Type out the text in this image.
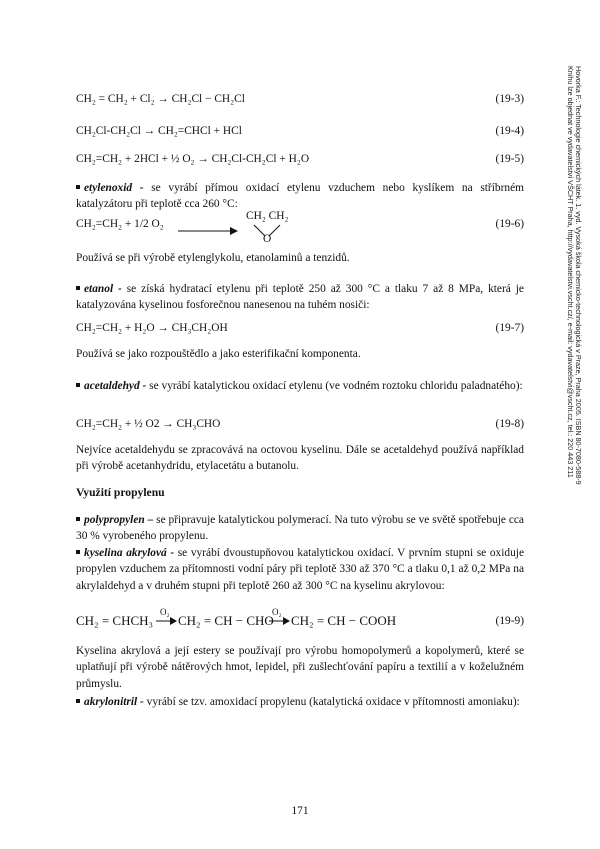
Hovorka F.: Technologie chemických látek. 1. vyd. Vysoká škola chemicko-technologická v Praze, Praha 2005. ISBN 80-7080-588-9
Knihu lze objednat ve vydavatelství VŠCHT Praha, http://vydavatelstvi.vscht.cz/, e-mail: vydavatelstvi@vscht.cz, tel.: 220 443 211
CH₂ = CH₂ + Cl₂ → CH₂Cl − CH₂Cl	(19-3)
CH₂Cl-CH₂Cl → CH₂=CHCl + HCl	(19-4)
CH₂=CH₂ + 2HCl + ½ O₂ → CH₂Cl-CH₂Cl + H₂O	(19-5)

etylenoxid - se vyrábí přímou oxidací etylenu vzduchem nebo kyslíkem na stříbrném katalyzátoru při teplotě cca 260 °C:

CH₂=CH₂ + 1/2 O₂
CH₂ CH₂
O
(19-6)

Používá se při výrobě etylenglykolu, etanolaminů a tenzidů.

etanol - se získá hydratací etylenu při teplotě 250 až 300 °C a tlaku 7 až 8 MPa, která je katalyzována kyselinou fosforečnou nanesenou na tuhém nosiči:

CH₂=CH₂ + H₂O → CH₃CH₂OH	(19-7)

Používá se jako rozpouštědlo a jako esterifikační komponenta.

acetaldehyd - se vyrábí katalytickou oxidací etylenu (ve vodném roztoku chloridu paladnatého):

CH₂=CH₂ + ½ O2 → CH₃CHO	(19-8)

Nejvíce acetaldehydu se zpracovává na octovou kyselinu. Dále se acetaldehyd používá například při výrobě acetanhydridu, etylacetátu a butanolu.

Využití propylenu

polypropylen – se připravuje katalytickou polymerací. Na tuto výrobu se ve světě spotřebuje cca 30 % vyrobeného propylenu.

kyselina akrylová - se vyrábí dvoustupňovou katalytickou oxidací. V prvním stupni se oxiduje propylen vzduchem za přítomnosti vodní páry při teplotě 330 až 370 °C a tlaku 0,1 až 0,2 MPa na akrylaldehyd a v druhém stupni při teplotě 260 až 300 °C na kyselinu akrylovou:

CH₂ = CHCH₃
O₂
→ CH₂ = CH − CHO
O₂
→ CH₂ = CH − COOH	(19-9)

Kyselina akrylová a její estery se používají pro výrobu homopolymerů a kopolymerů, které se uplatňují při výrobě nátěrových hmot, lepidel, při zušlechťování papíru a textilií a v koželužném průmyslu.

akrylonitril - vyrábí se tzv. amoxidací propylenu (katalytická oxidace v přítomnosti amoniaku):

171
